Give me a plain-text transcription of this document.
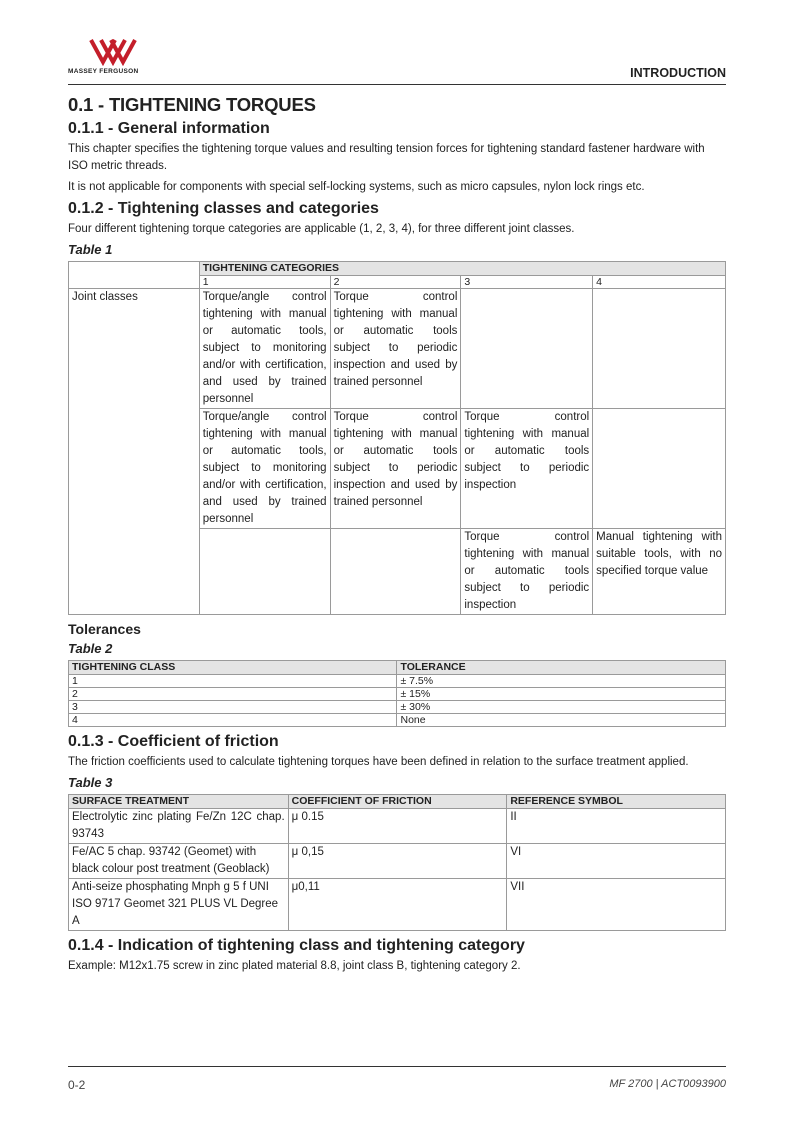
MASSEY FERGUSON	INTRODUCTION
0.1 - TIGHTENING TORQUES
0.1.1 - General information

This chapter specifies the tightening torque values and resulting tension forces for tightening standard fastener hardware with ISO metric threads.

It is not applicable for components with special self-locking systems, such as micro capsules, nylon lock rings etc.

0.1.2 - Tightening classes and categories

Four different tightening torque categories are applicable (1, 2, 3, 4), for three different joint classes.

Table 1
	TIGHTENING CATEGORIES			
	1	2	3	4
Joint classes	Torque/angle control tightening with manual or automatic tools, subject to monitoring and/or with certification, and used by trained personnel	Torque control tightening with manual or automatic tools subject to periodic inspection and used by trained personnel		
	Torque/angle control tightening with manual or automatic tools, subject to monitoring and/or with certification, and used by trained personnel	Torque control tightening with manual or automatic tools subject to periodic inspection and used by trained personnel	Torque control tightening with manual or automatic tools subject to periodic inspection	
			Torque control tightening with manual or automatic tools subject to periodic inspection	Manual tightening with suitable tools, with no specified torque value
Tolerances
Table 2
TIGHTENING CLASS	TOLERANCE
1	± 7.5%
2	± 15%
3	± 30%
4	None
0.1.3 - Coefficient of friction

The friction coefficients used to calculate tightening torques have been defined in relation to the surface treatment applied.

Table 3
SURFACE TREATMENT	COEFFICIENT OF FRICTION	REFERENCE SYMBOL
Electrolytic zinc plating Fe/Zn 12C chap. 93743	μ 0.15	II
Fe/AC 5 chap. 93742 (Geomet) with black colour post treatment (Geoblack)	μ 0,15	VI
Anti-seize phosphating Mnph g 5 f UNI ISO 9717 Geomet 321 PLUS VL Degree A	μ0,11	VII
0.1.4 - Indication of tightening class and tightening category

Example: M12x1.75 screw in zinc plated material 8.8, joint class B, tightening category 2.

0-2	MF 2700 | ACT0093900
